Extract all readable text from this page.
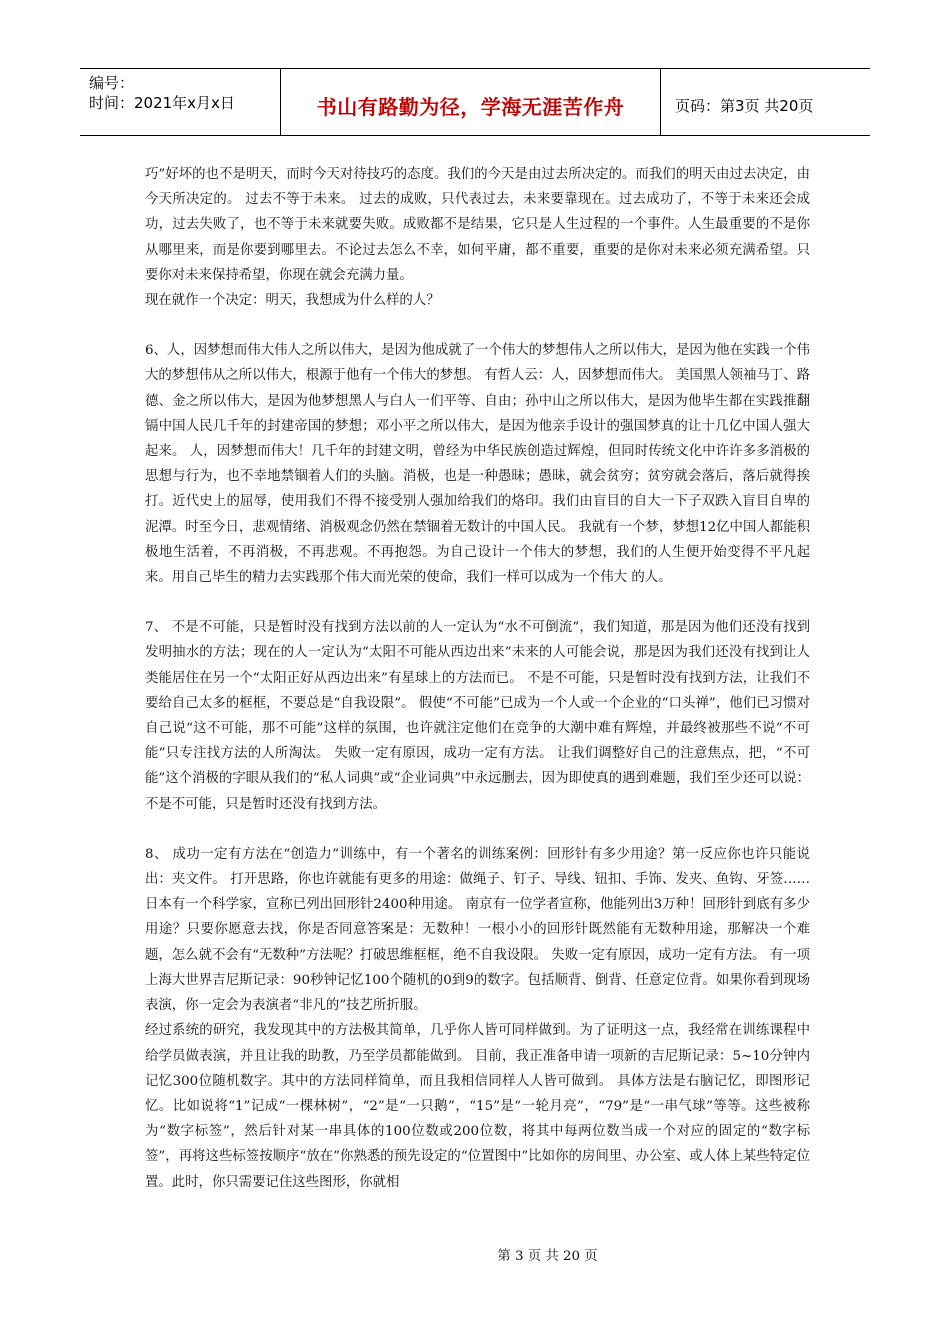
编号：
时间：2021年x月x日	书山有路勤为径，学海无涯苦作舟	页码：第3页 共20页

巧”好坏的也不是明天，而时今天对待技巧的态度。我们的今天是由过去所决定的。而我们的明天由过去决定，由今天所决定的。 过去不等于未来。 过去的成败，只代表过去，未来要靠现在。过去成功了，不等于未来还会成功，过去失败了，也不等于未来就要失败。成败都不是结果，它只是人生过程的一个事件。人生最重要的不是你从哪里来，而是你要到哪里去。不论过去怎么不幸，如何平庸，都不重要，重要的是你对未来必须充满希望。只要你对未来保持希望，你现在就会充满力量。

现在就作一个决定：明天，我想成为什么样的人？

6、人，因梦想而伟大伟人之所以伟大，是因为他成就了一个伟大的梦想伟人之所以伟大，是因为他在实践一个伟大的梦想伟从之所以伟大，根源于他有一个伟大的梦想。 有哲人云：人，因梦想而伟大。 美国黑人领袖马丁、路德、金之所以伟大，是因为他梦想黑人与白人一们平等、自由；孙中山之所以伟大，是因为他毕生都在实践推翻镉中国人民几千年的封建帝国的梦想；邓小平之所以伟大，是因为他亲手设计的强国梦真的让十几亿中国人强大起来。 人，因梦想而伟大！几千年的封建文明，曾经为中华民族创造过辉煌，但同时传统文化中许许多多消极的思想与行为，也不幸地禁锢着人们的头脑。消极，也是一种愚昧；愚昧，就会贫穷；贫穷就会落后，落后就得挨打。近代史上的屈辱，使用我们不得不接受别人强加给我们的烙印。我们由盲目的自大一下子双跌入盲目自卑的泥潭。时至今日，悲观情绪、消极观念仍然在禁锢着无数计的中国人民。 我就有一个梦，梦想12亿中国人都能积极地生活着，不再消极，不再悲观。不再抱怨。为自己设计一个伟大的梦想，我们的人生便开始变得不平凡起来。用自己毕生的精力去实践那个伟大而光荣的使命，我们一样可以成为一个伟大 的人。

7、 不是不可能，只是暂时没有找到方法以前的人一定认为“水不可倒流”，我们知道，那是因为他们还没有找到发明抽水的方法；现在的人一定认为“太阳不可能从西边出来”未来的人可能会说，那是因为我们还没有找到让人类能居住在另一个“太阳正好从西边出来”有星球上的方法而已。 不是不可能，只是暂时没有找到方法，让我们不要给自己太多的框框，不要总是“自我设限”。 假使“不可能”已成为一个人或一个企业的“口头禅”，他们已习惯对自己说“这不可能，那不可能”这样的氛围，也许就注定他们在竞争的大潮中难有辉煌，并最终被那些不说“不可能”只专注找方法的人所淘汰。 失败一定有原因，成功一定有方法。 让我们调整好自己的注意焦点，把，“不可能”这个消极的字眼从我们的“私人词典”或“企业词典”中永远删去，因为即使真的遇到难题，我们至少还可以说：不是不可能，只是暂时还没有找到方法。

8、 成功一定有方法在“创造力”训练中，有一个著名的训练案例：回形针有多少用途？第一反应你也许只能说出：夹文件。 打开思路，你也许就能有更多的用途：做绳子、钉子、导线、钮扣、手饰、发夹、鱼钩、牙签……日本有一个科学家，宣称已列出回形针2400种用途。 南京有一位学者宣称，他能列出3万种！回形针到底有多少用途？只要你愿意去找，你是否同意答案是：无数种！一根小小的回形针既然能有无数种用途，那解决一个难题，怎么就不会有“无数种”方法呢？打破思维框框，绝不自我设限。 失败一定有原因，成功一定有方法。 有一项上海大世界吉尼斯记录：90秒钟记忆100个随机的0到9的数字。包括顺背、倒背、任意定位背。如果你看到现场表演，你一定会为表演者“非凡的”技艺所折服。

经过系统的研究，我发现其中的方法极其简单，几乎你人皆可同样做到。为了证明这一点，我经常在训练课程中给学员做表演，并且让我的助教，乃至学员都能做到。 目前，我正准备申请一项新的吉尼斯记录：5~10分钟内记忆300位随机数字。其中的方法同样简单，而且我相信同样人人皆可做到。 具体方法是右脑记忆，即图形记忆。比如说将“1”记成“一棵林树”，“2”是“一只鹅”，“15”是“一轮月亮”，“79”是“一串气球”等等。这些被称为“数字标签”，然后针对某一串具体的100位数或200位数，将其中每两位数当成一个对应的固定的“数字标签”，再将这些标签按顺序“放在”你熟悉的预先设定的“位置图中”比如你的房间里、办公室、或人体上某些特定位置。此时，你只需要记住这些图形，你就相

第 3 页 共 20 页
